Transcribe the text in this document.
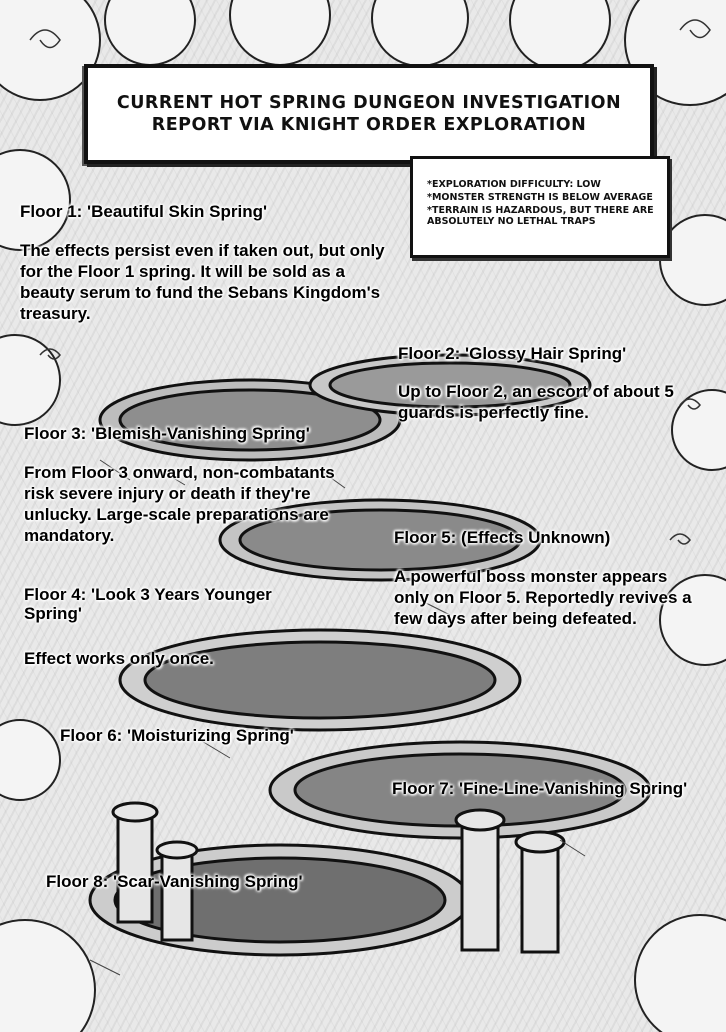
CURRENT HOT SPRING DUNGEON INVESTIGATION REPORT VIA KNIGHT ORDER EXPLORATION
*EXPLORATION DIFFICULTY: LOW
*MONSTER STRENGTH IS BELOW AVERAGE
*TERRAIN IS HAZARDOUS, BUT THERE ARE ABSOLUTELY NO LETHAL TRAPS
Floor 1: 'Beautiful Skin Spring'
The effects persist even if taken out, but only for the Floor 1 spring. It will be sold as a beauty serum to fund the Sebans Kingdom's treasury.
Floor 2: 'Glossy Hair Spring'
Up to Floor 2, an escort of about 5 guards is perfectly fine.
Floor 3: 'Blemish-Vanishing Spring'
From Floor 3 onward, non-combatants risk severe injury or death if they're unlucky. Large-scale preparations are mandatory.	Floor 5: (Effects Unknown)
A powerful boss monster appears only on Floor 5. Reportedly revives a few days after being defeated.
Floor 4: 'Look 3 Years Younger Spring'
Effect works only once.
Floor 6: 'Moisturizing Spring'
Floor 7: 'Fine-Line-Vanishing Spring'
Floor 8: 'Scar-Vanishing Spring'
